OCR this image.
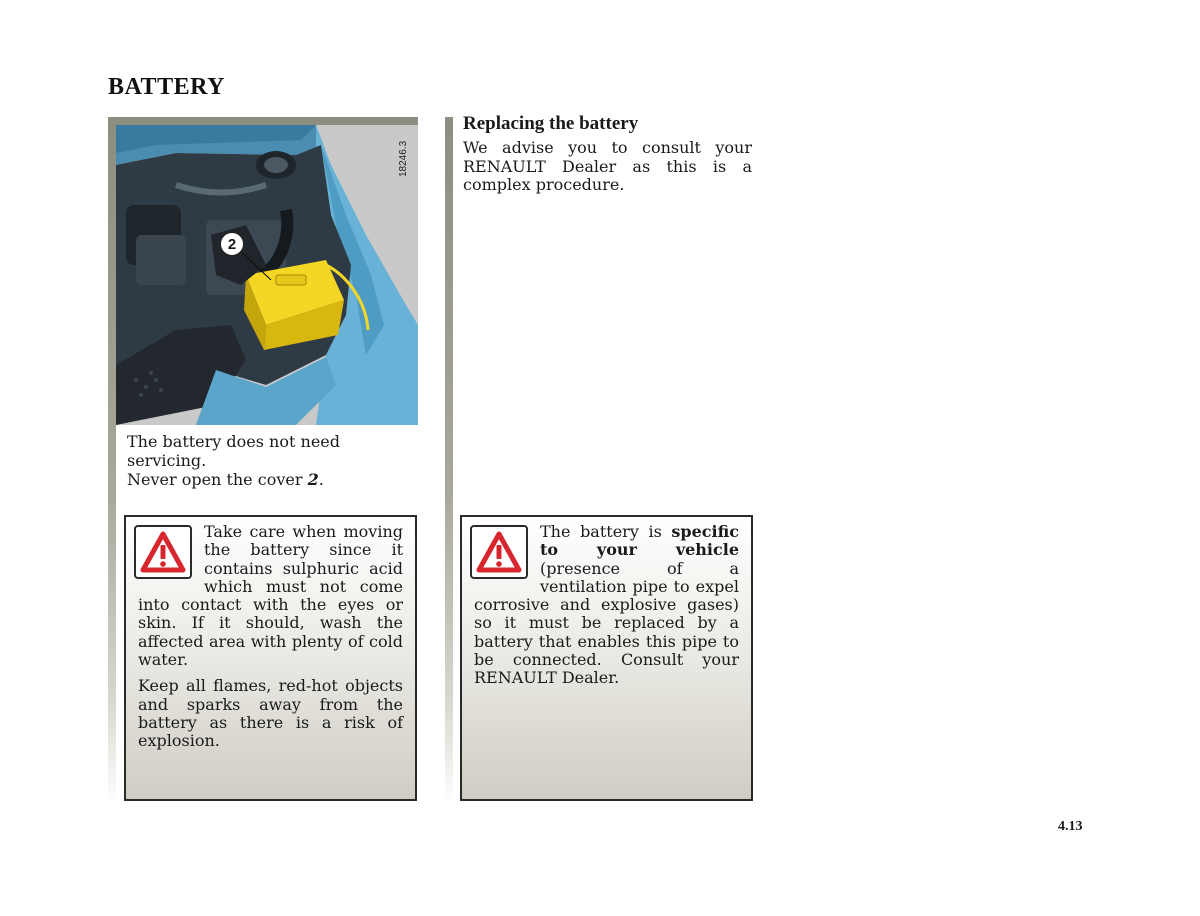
BATTERY
18246.3
2
The battery does not need servicing.
Never open the cover 2.
Replacing the battery
We advise you to consult your RENAULT Dealer as this is a complex procedure.

Take care when moving the battery since it contains sulphuric acid which must not come into contact with the eyes or skin. If it should, wash the affected area with plenty of cold water.

Keep all flames, red-hot objects and sparks away from the battery as there is a risk of explosion.

The battery is specific to your vehicle (presence of a ventilation pipe to expel corrosive and explosive gases) so it must be replaced by a battery that enables this pipe to be connected. Consult your RENAULT Dealer.

4.13
